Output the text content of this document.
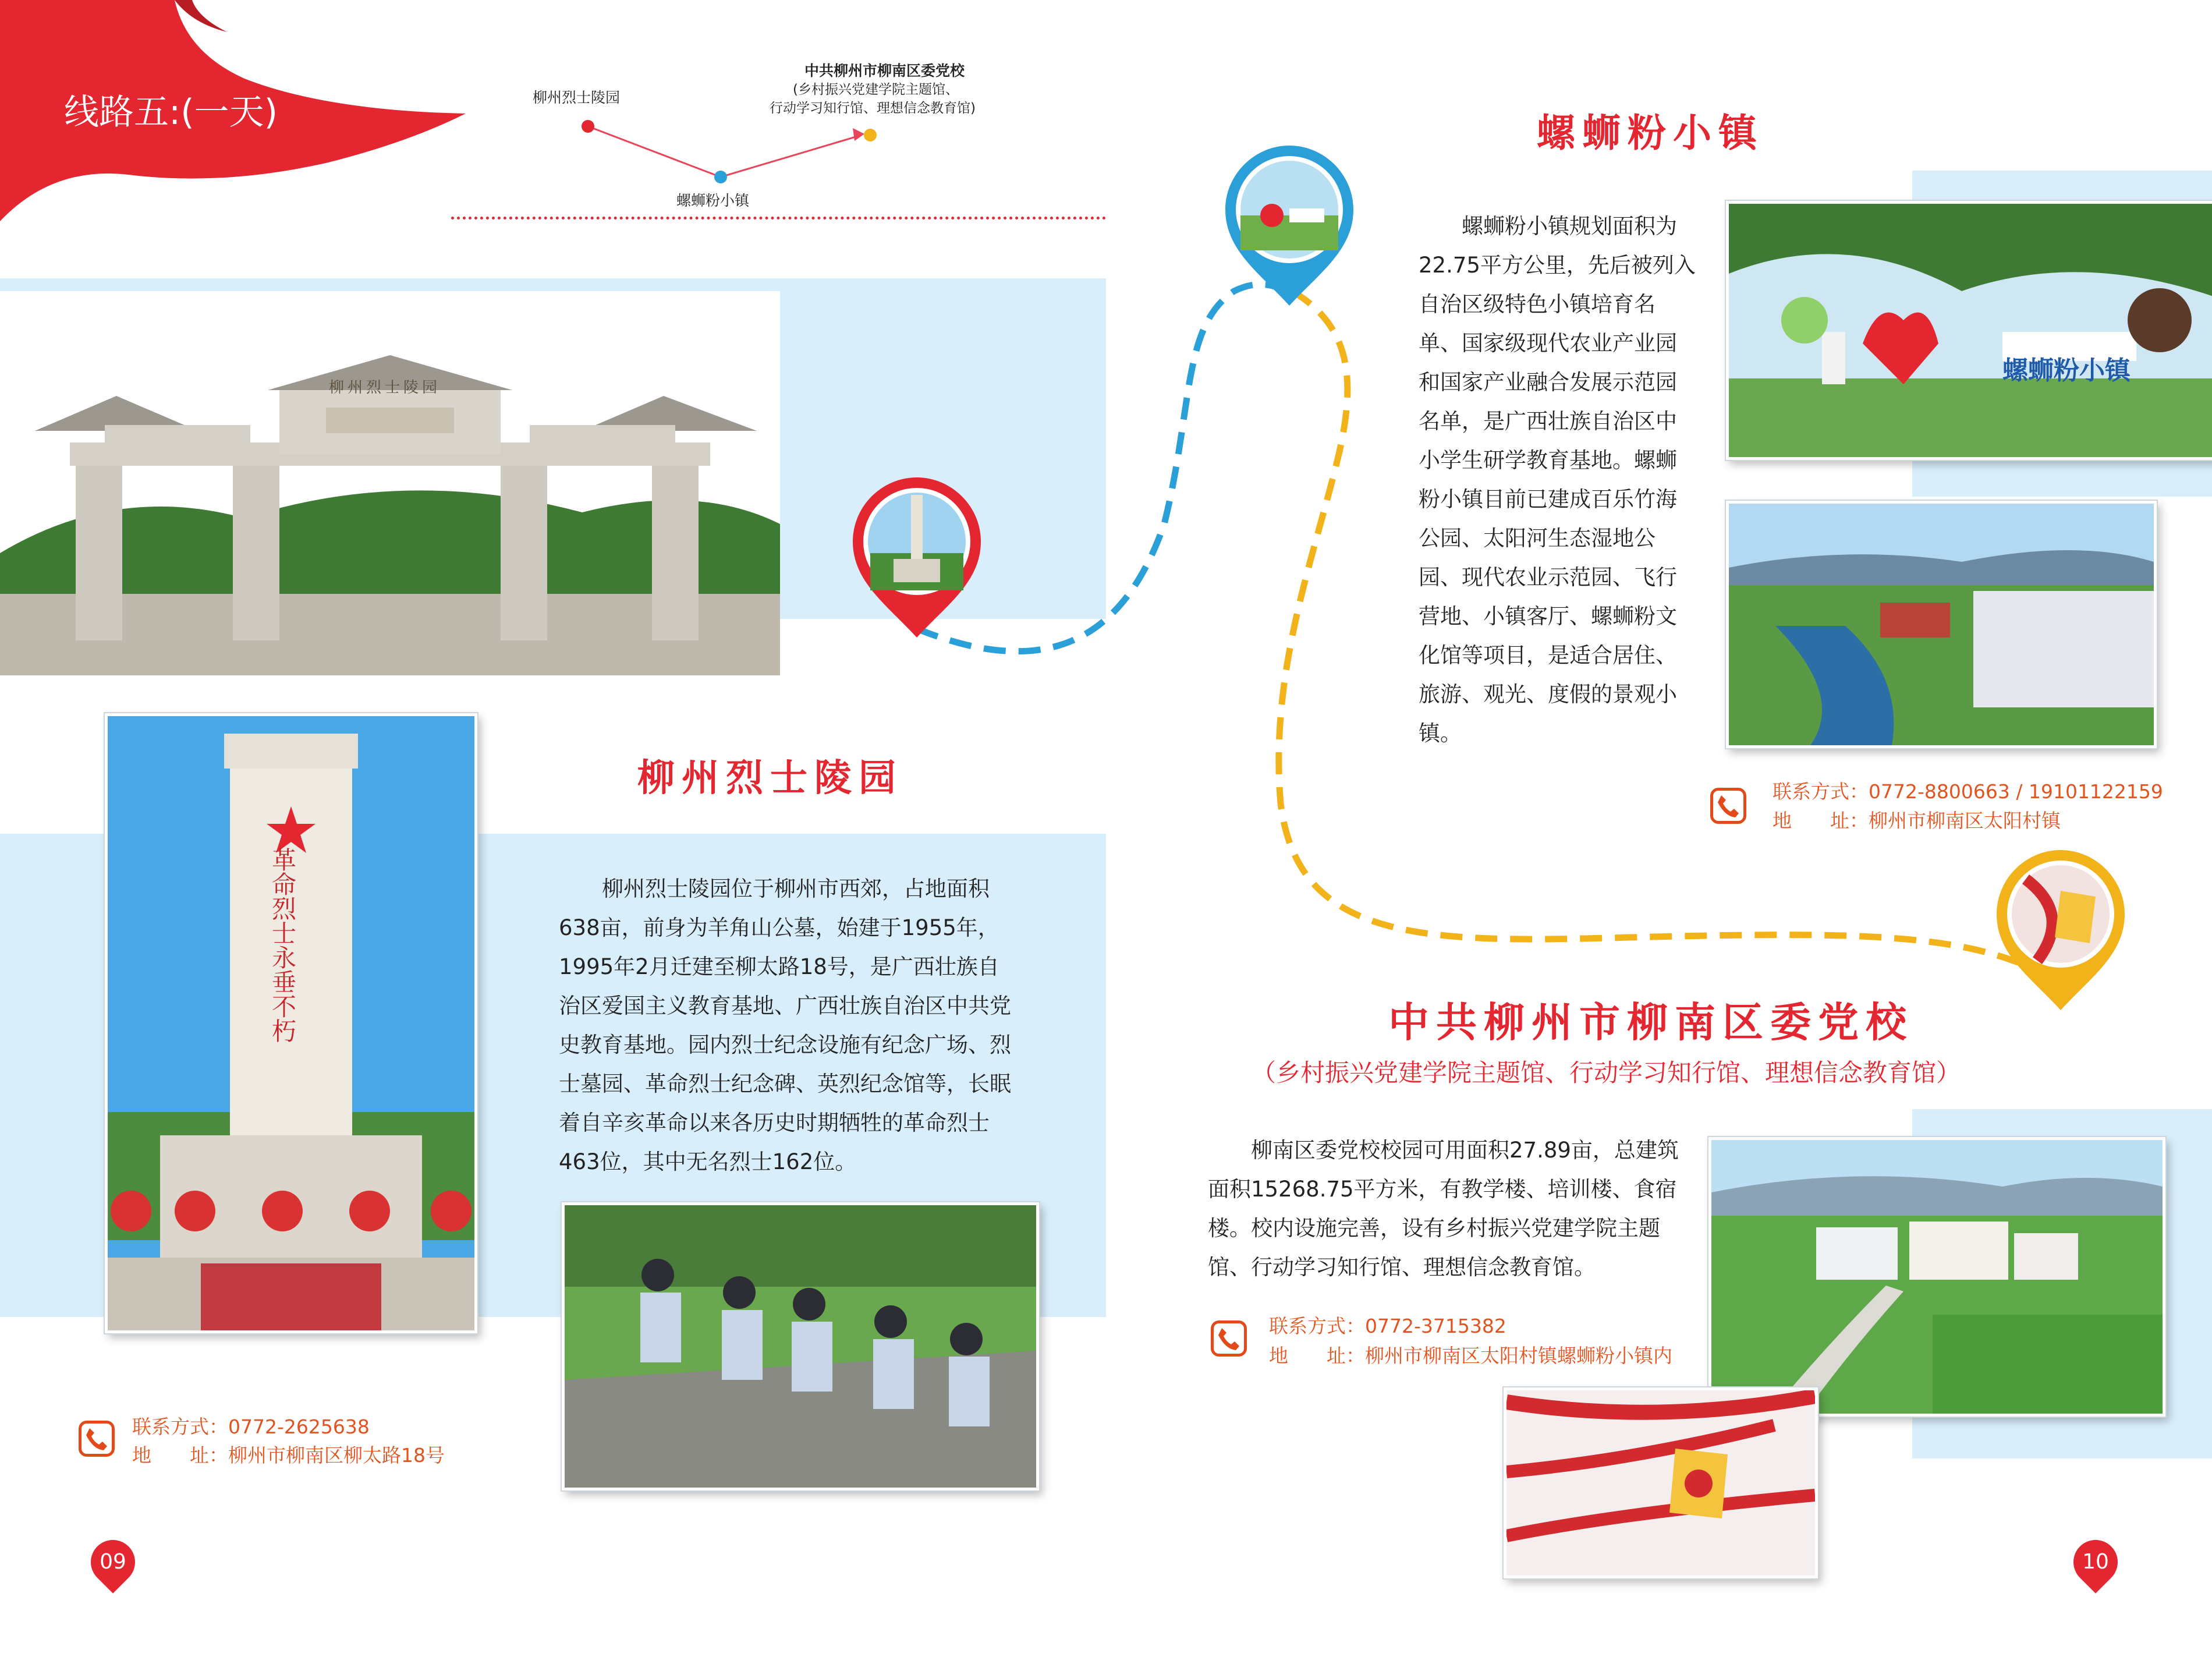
线路五:(一天)	柳州烈士陵园
螺蛳粉小镇
中共柳州市柳南区委党校
(乡村振兴党建学院主题馆、
行动学习知行馆、理想信念教育馆)
柳州烈士陵园
革命烈士永垂不朽
柳州烈士陵园
柳州烈士陵园位于柳州市西郊，占地面积638亩，前身为羊角山公墓，始建于1955年，1995年2月迁建至柳太路18号，是广西壮族自治区爱国主义教育基地、广西壮族自治区中共党史教育基地。园内烈士纪念设施有纪念广场、烈士墓园、革命烈士纪念碑、英烈纪念馆等，长眠着自辛亥革命以来各历史时期牺牲的革命烈士463位，其中无名烈士162位。
联系方式：0772-2625638
地　　址：柳州市柳南区柳太路18号
09	10
螺蛳粉小镇
螺蛳粉小镇规划面积为22.75平方公里，先后被列入自治区级特色小镇培育名单、国家级现代农业产业园和国家产业融合发展示范园名单，是广西壮族自治区中小学生研学教育基地。螺蛳粉小镇目前已建成百乐竹海公园、太阳河生态湿地公园、现代农业示范园、飞行营地、小镇客厅、螺蛳粉文化馆等项目，是适合居住、旅游、观光、度假的景观小镇。
螺蛳粉小镇
联系方式：0772-8800663 / 19101122159
地　　址：柳州市柳南区太阳村镇
中共柳州市柳南区委党校
（乡村振兴党建学院主题馆、行动学习知行馆、理想信念教育馆）
柳南区委党校校园可用面积27.89亩，总建筑面积15268.75平方米，有教学楼、培训楼、食宿楼。校内设施完善，设有乡村振兴党建学院主题馆、行动学习知行馆、理想信念教育馆。
联系方式：0772-3715382
地　　址：柳州市柳南区太阳村镇螺蛳粉小镇内
